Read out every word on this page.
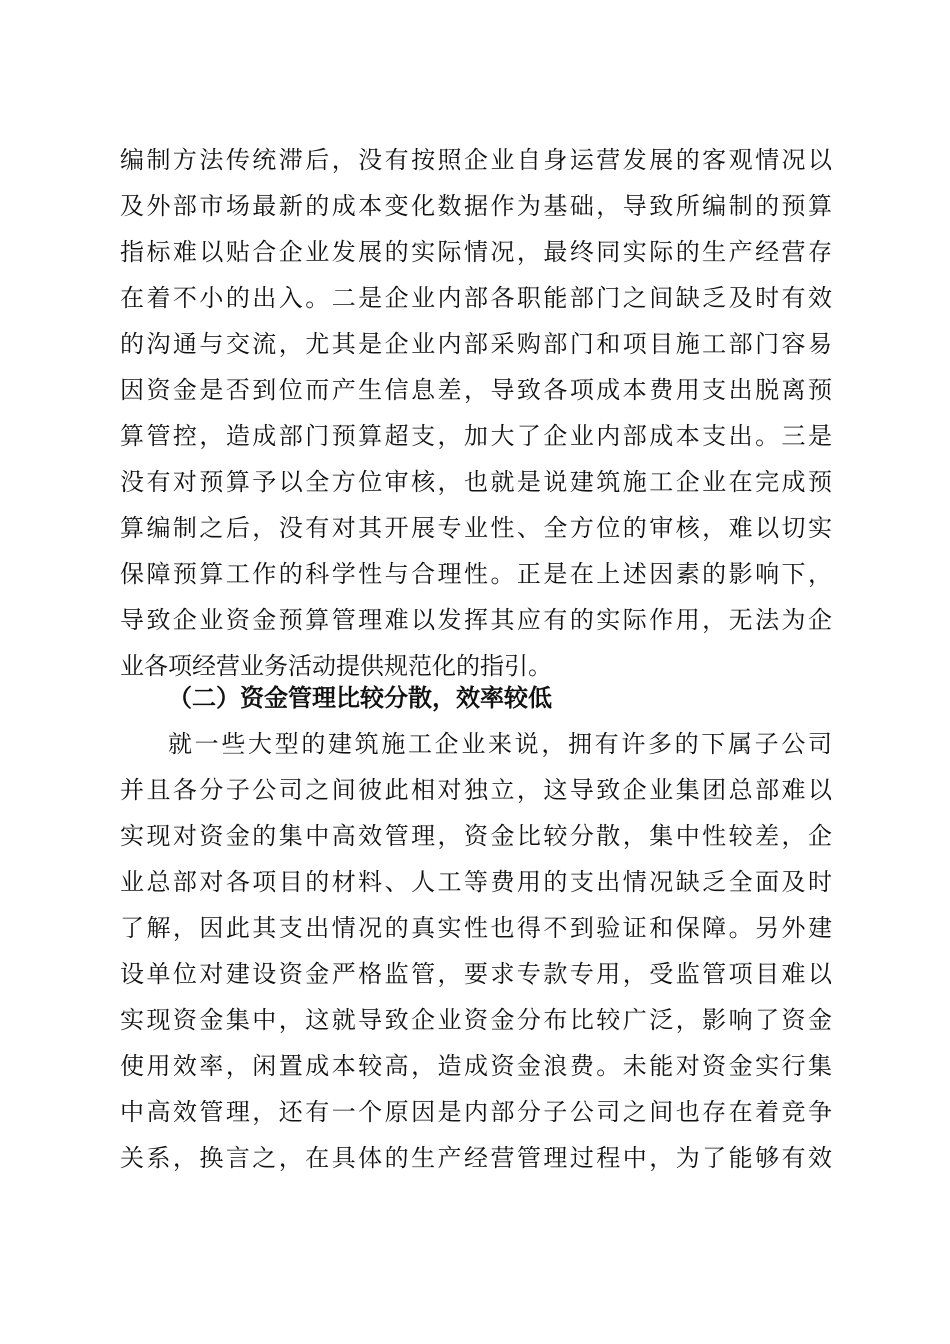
编制方法传统滞后，没有按照企业自身运营发展的客观情况以
及外部市场最新的成本变化数据作为基础，导致所编制的预算
指标难以贴合企业发展的实际情况，最终同实际的生产经营存
在着不小的出入。二是企业内部各职能部门之间缺乏及时有效
的沟通与交流，尤其是企业内部采购部门和项目施工部门容易
因资金是否到位而产生信息差，导致各项成本费用支出脱离预
算管控，造成部门预算超支，加大了企业内部成本支出。三是
没有对预算予以全方位审核，也就是说建筑施工企业在完成预
算编制之后，没有对其开展专业性、全方位的审核，难以切实
保障预算工作的科学性与合理性。正是在上述因素的影响下，
导致企业资金预算管理难以发挥其应有的实际作用，无法为企
业各项经营业务活动提供规范化的指引。
（二）资金管理比较分散，效率较低
就一些大型的建筑施工企业来说，拥有许多的下属子公司
并且各分子公司之间彼此相对独立，这导致企业集团总部难以
实现对资金的集中高效管理，资金比较分散，集中性较差，企
业总部对各项目的材料、人工等费用的支出情况缺乏全面及时
了解，因此其支出情况的真实性也得不到验证和保障。另外建
设单位对建设资金严格监管，要求专款专用，受监管项目难以
实现资金集中，这就导致企业资金分布比较广泛，影响了资金
使用效率，闲置成本较高，造成资金浪费。未能对资金实行集
中高效管理，还有一个原因是内部分子公司之间也存在着竞争
关系，换言之，在具体的生产经营管理过程中，为了能够有效
